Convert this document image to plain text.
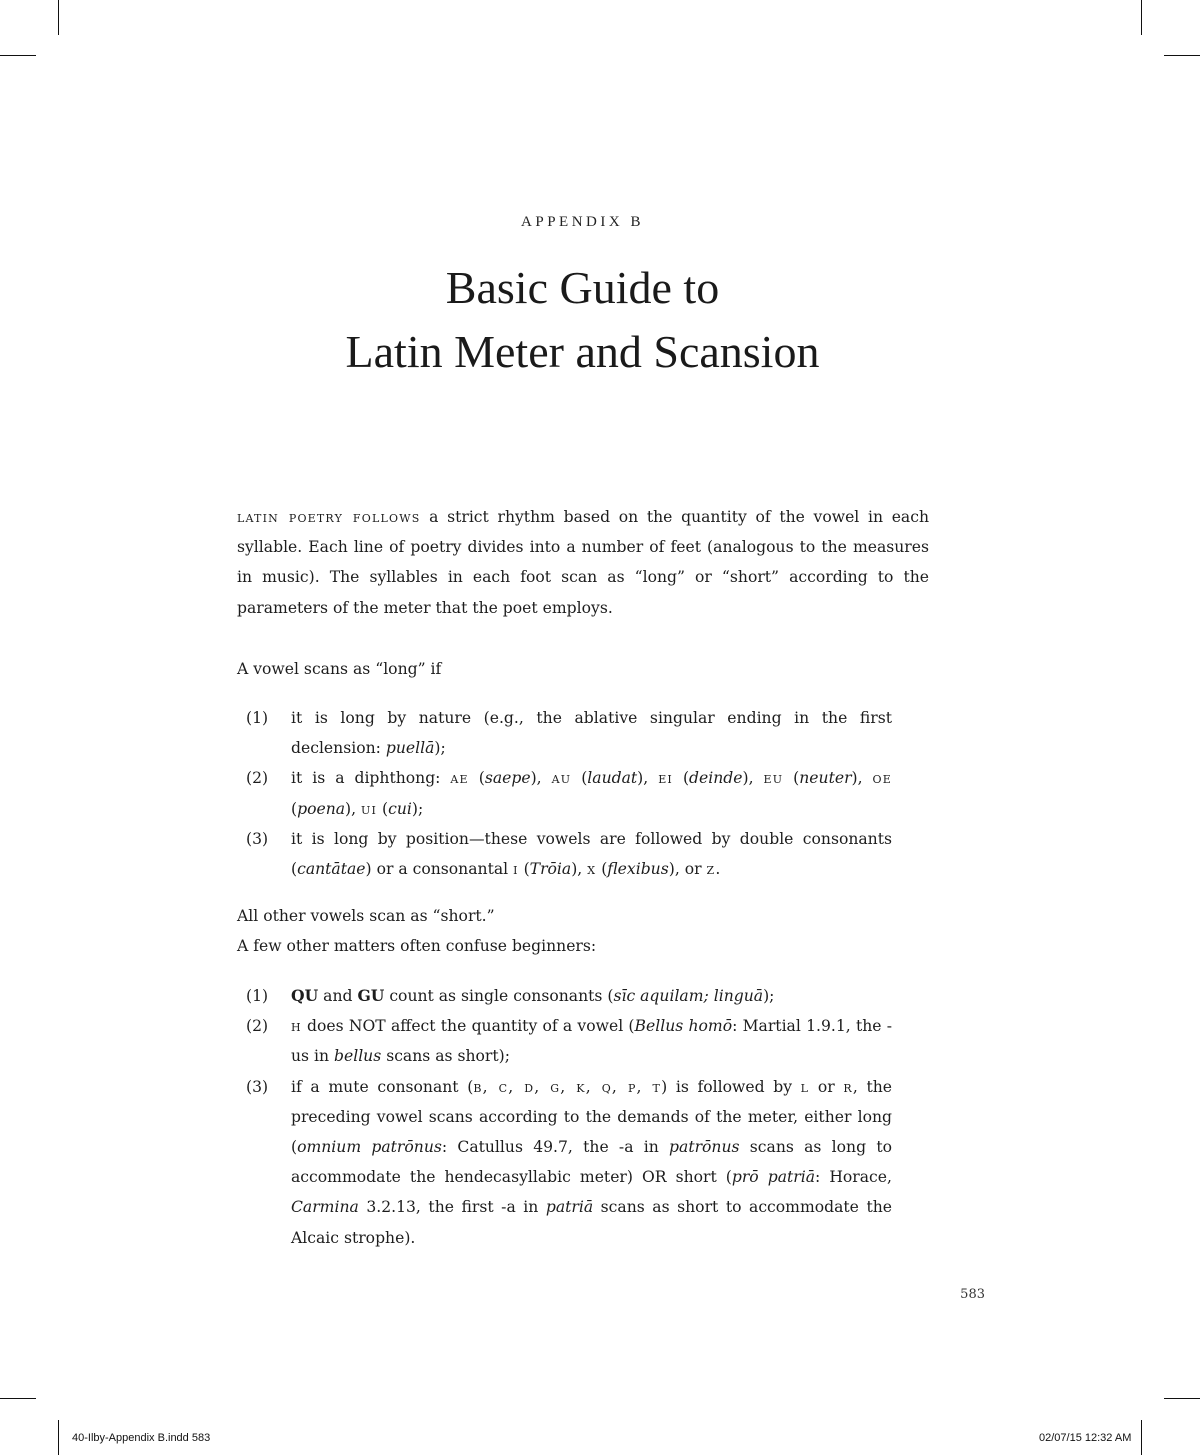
APPENDIX B
Basic Guide to
Latin Meter and Scansion

latin poetry follows a strict rhythm based on the quantity of the vowel in each syllable. Each line of poetry divides into a number of feet (analogous to the measures in music). The syllables in each foot scan as “long” or “short” according to the parameters of the meter that the poet employs.

A vowel scans as “long” if

(1) it is long by nature (e.g., the ablative singular ending in the first declension: puellā);
(2) it is a diphthong: ae (saepe), au (laudat), ei (deinde), eu (neuter), oe (poena), ui (cui);
(3) it is long by position—these vowels are followed by double consonants (cantātae) or a consonantal i (Trōia), x (flexibus), or z.

All other vowels scan as “short.”

A few other matters often confuse beginners:

(1) QU and GU count as single consonants (sīc aquilam; linguā);
(2) h does NOT affect the quantity of a vowel (Bellus homō: Martial 1.9.1, the -us in bellus scans as short);
(3) if a mute consonant (b, c, d, g, k, q, p, t) is followed by l or r, the preceding vowel scans according to the demands of the meter, either long (omnium patrōnus: Catullus 49.7, the -a in patrōnus scans as long to accommodate the hendecasyllabic meter) OR short (prō patriā: Horace, Carmina 3.2.13, the first -a in patriā scans as short to accommodate the Alcaic strophe).
583
40-Ilby-Appendix B.indd 583	02/07/15 12:32 AM
